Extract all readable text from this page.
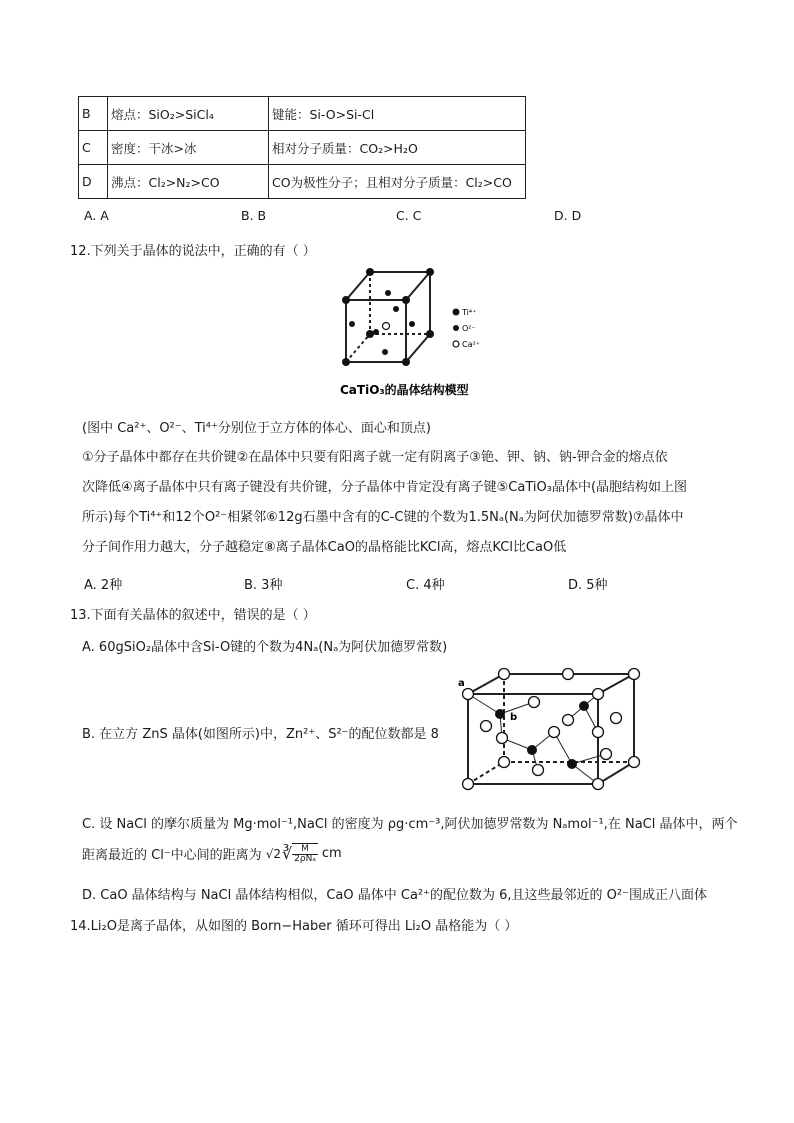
B	熔点：SiO₂>SiCl₄	键能：Si-O>Si-Cl
C	密度：干冰>冰	相对分子质量：CO₂>H₂O
D	沸点：Cl₂>N₂>CO	CO为极性分子；且相对分子质量：Cl₂>CO
A. A	B. B	C. C	D. D
12.下列关于晶体的说法中，正确的有（ ）
Ti⁴⁺
O²⁻
Ca²⁺
CaTiO₃的晶体结构模型
(图中 Ca²⁺、O²⁻、Ti⁴⁺分别位于立方体的体心、面心和顶点)
①分子晶体中都存在共价键②在晶体中只要有阳离子就一定有阴离子③铯、钾、钠、钠-钾合金的熔点依
次降低④离子晶体中只有离子键没有共价键，分子晶体中肯定没有离子键⑤CaTiO₃晶体中(晶胞结构如上图
所示)每个Ti⁴⁺和12个O²⁻相紧邻⑥12g石墨中含有的C-C键的个数为1.5Nₐ(Nₐ为阿伏加德罗常数)⑦晶体中
分子间作用力越大，分子越稳定⑧离子晶体CaO的晶格能比KCl高，熔点KCl比CaO低
A. 2种	B. 3种	C. 4种	D. 5种
13.下面有关晶体的叙述中，错误的是（ ）
A. 60gSiO₂晶体中含Si-O键的个数为4Nₐ(Nₐ为阿伏加德罗常数)
B. 在立方 ZnS 晶体(如图所示)中，Zn²⁺、S²⁻的配位数都是 8
a
b
C. 设 NaCl 的摩尔质量为 Mg·mol⁻¹,NaCl 的密度为 ρg·cm⁻³,阿伏加德罗常数为 Nₐmol⁻¹,在 NaCl 晶体中，两个
距离最近的 Cl⁻中心间的距离为 √2 ∛ $\frac{M}{\text{2ρNₐ}}$ cm
D. CaO 晶体结构与 NaCl 晶体结构相似，CaO 晶体中 Ca²⁺的配位数为 6,且这些最邻近的 O²⁻围成正八面体
14.Li₂O是离子晶体，从如图的 Born−Haber 循环可得出 Li₂O 晶格能为（ ）
